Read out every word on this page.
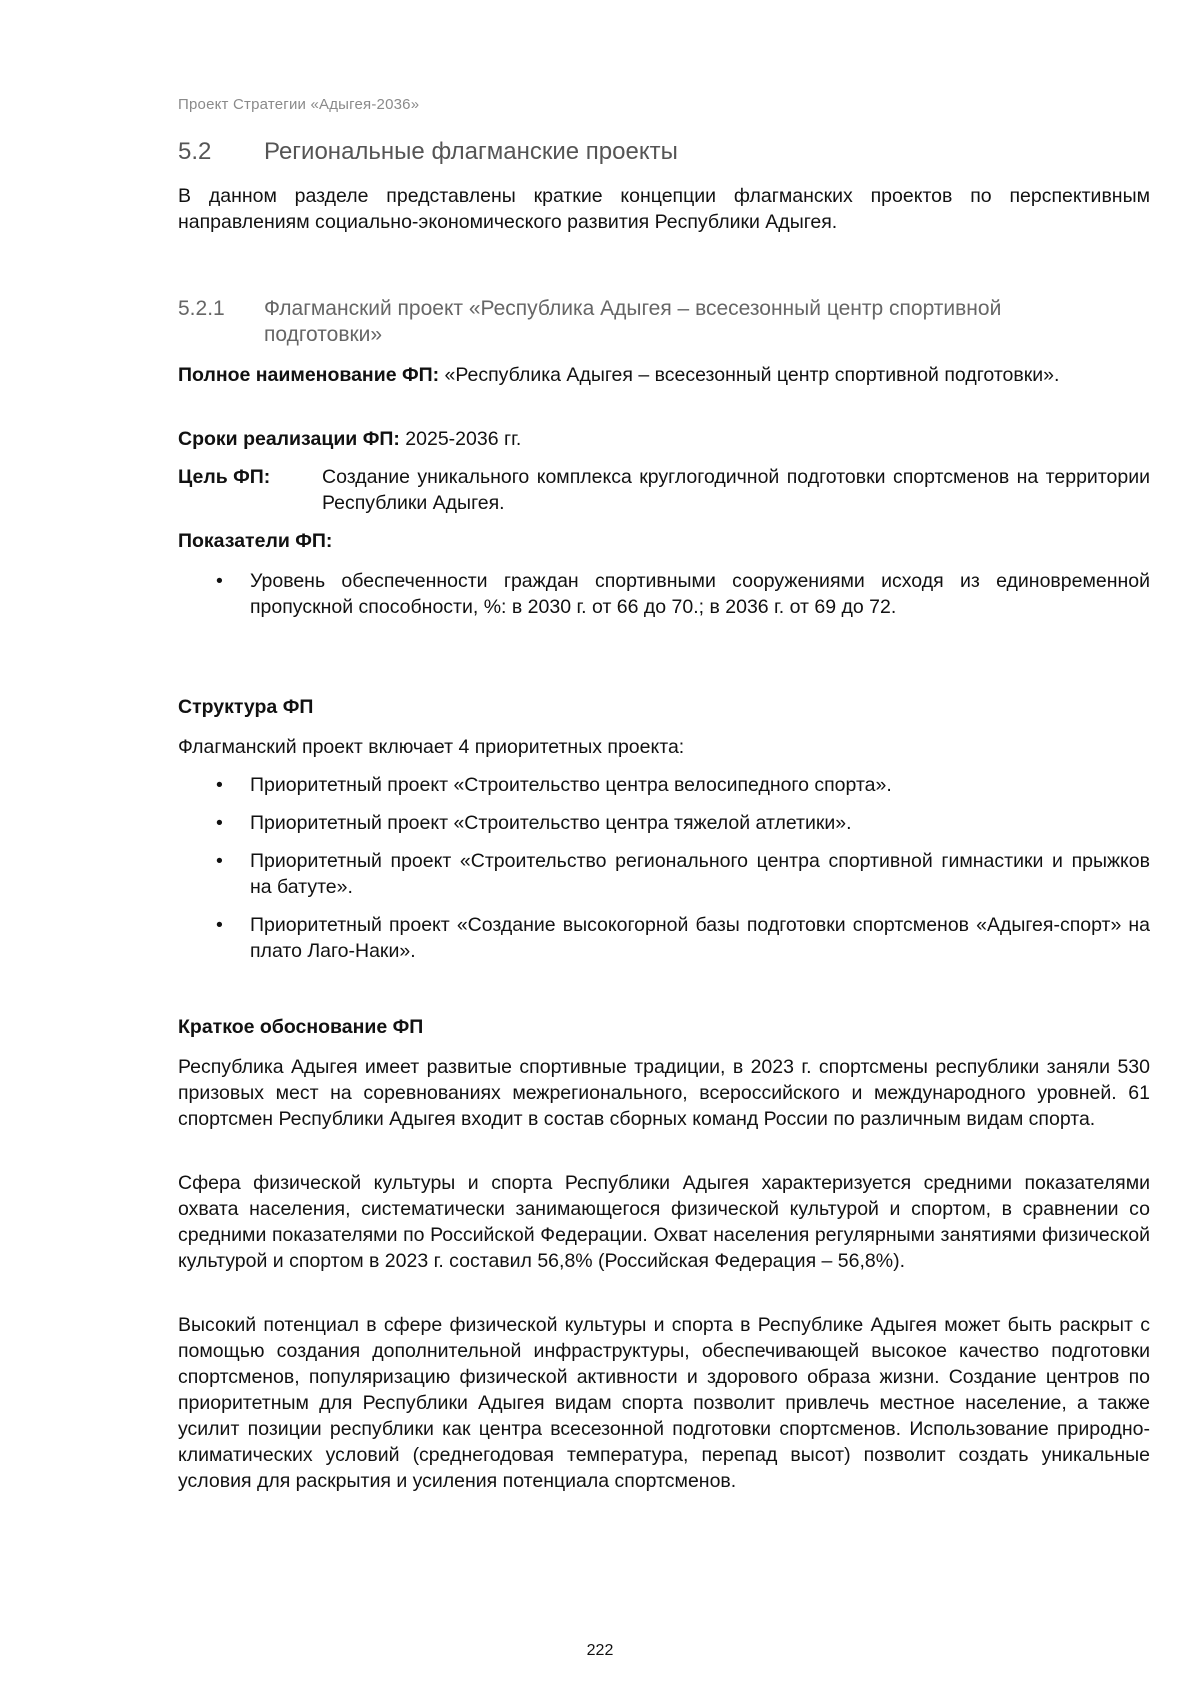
Проект Стратегии «Адыгея-2036»
5.2	Региональные флагманские проекты
В данном разделе представлены краткие концепции флагманских проектов по перспективным направлениям социально-экономического развития Республики Адыгея.
5.2.1	Флагманский проект «Республика Адыгея – всесезонный центр спортивной подготовки»
Полное наименование ФП: «Республика Адыгея – всесезонный центр спортивной подготовки».
Сроки реализации ФП: 2025-2036 гг.
Цель ФП:	Создание уникального комплекса круглогодичной подготовки спортсменов на территории Республики Адыгея.
Показатели ФП:
• Уровень обеспеченности граждан спортивными сооружениями исходя из единовременной пропускной способности, %: в 2030 г. от 66 до 70.; в 2036 г. от 69 до 72.
Структура ФП
Флагманский проект включает 4 приоритетных проекта:
• Приоритетный проект «Строительство центра велосипедного спорта».
• Приоритетный проект «Строительство центра тяжелой атлетики».
• Приоритетный проект «Строительство регионального центра спортивной гимнастики и прыжков на батуте».
• Приоритетный проект «Создание высокогорной базы подготовки спортсменов «Адыгея-спорт» на плато Лаго-Наки».
Краткое обоснование ФП
Республика Адыгея имеет развитые спортивные традиции, в 2023 г. спортсмены республики заняли 530 призовых мест на соревнованиях межрегионального, всероссийского и международного уровней. 61 спортсмен Республики Адыгея входит в состав сборных команд России по различным видам спорта.
Сфера физической культуры и спорта Республики Адыгея характеризуется средними показателями охвата населения, систематически занимающегося физической культурой и спортом, в сравнении со средними показателями по Российской Федерации. Охват населения регулярными занятиями физической культурой и спортом в 2023 г. составил 56,8% (Российская Федерация – 56,8%).
Высокий потенциал в сфере физической культуры и спорта в Республике Адыгея может быть раскрыт с помощью создания дополнительной инфраструктуры, обеспечивающей высокое качество подготовки спортсменов, популяризацию физической активности и здорового образа жизни. Создание центров по приоритетным для Республики Адыгея видам спорта позволит привлечь местное население, а также усилит позиции республики как центра всесезонной подготовки спортсменов. Использование природно-климатических условий (среднегодовая температура, перепад высот) позволит создать уникальные условия для раскрытия и усиления потенциала спортсменов.
222
